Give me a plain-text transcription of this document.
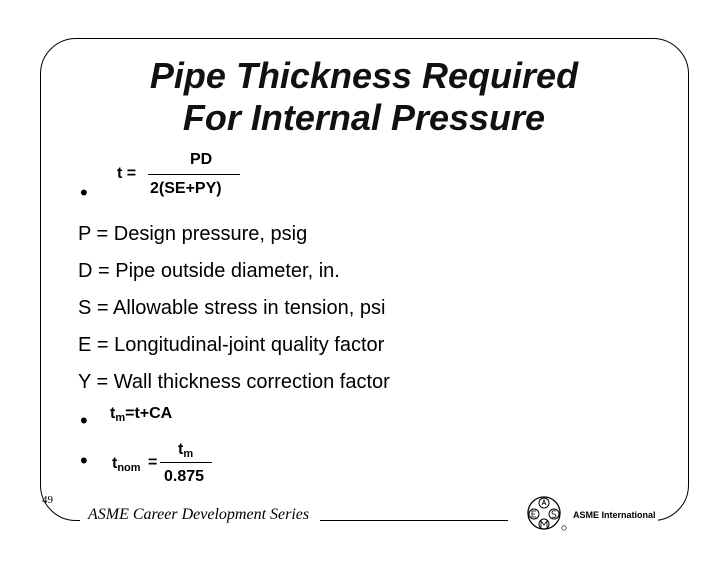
Pipe Thickness Required
For Internal Pressure
•
t =
PD
2(SE+PY)
P = Design pressure, psig
D = Pipe outside diameter, in.
S = Allowable stress in tension, psi
E = Longitudinal-joint quality factor
Y = Wall thickness correction factor
• $t_m=t+CA$
• $t_{nom}$ =
$t_m$
0.875
49
ASME Career Development Series	ASME International
